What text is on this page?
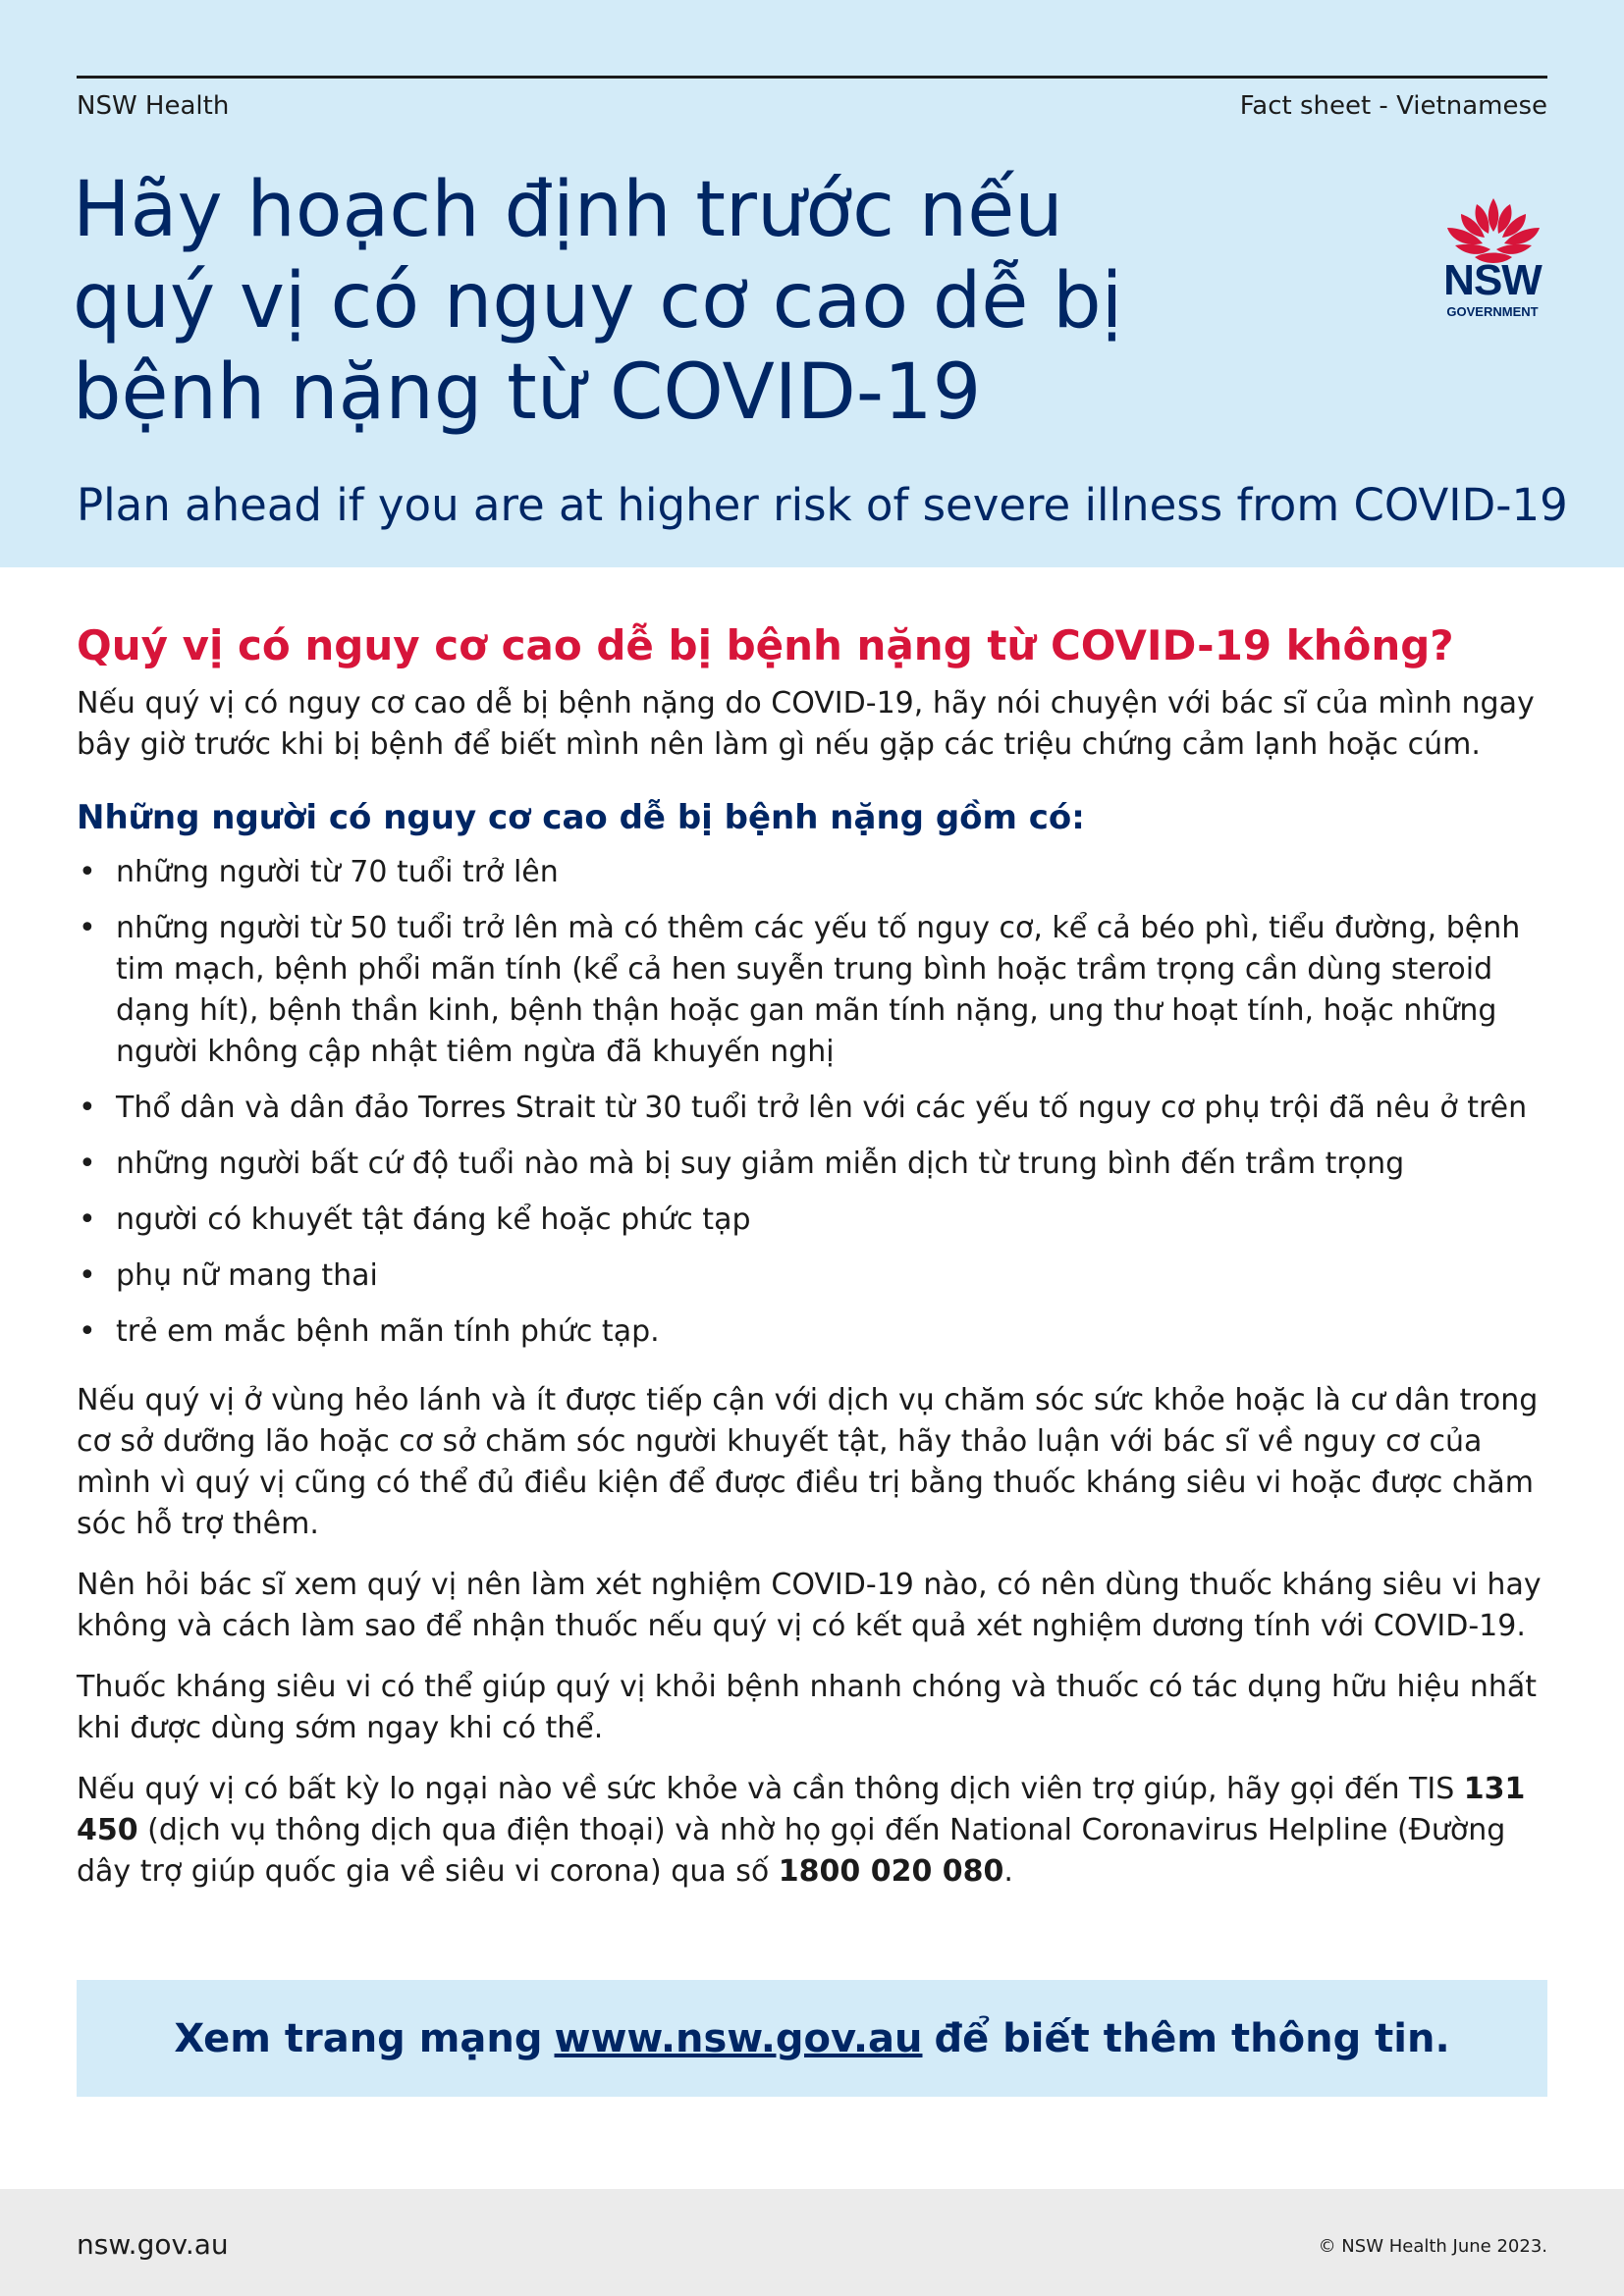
NSW Health	Fact sheet - Vietnamese
Hãy hoạch định trước nếu
quý vị có nguy cơ cao dễ bị
bệnh nặng từ COVID-19
Plan ahead if you are at higher risk of severe illness from COVID-19
NSW
GOVERNMENT
Quý vị có nguy cơ cao dễ bị bệnh nặng từ COVID-19 không?

Nếu quý vị có nguy cơ cao dễ bị bệnh nặng do COVID-19, hãy nói chuyện với bác sĩ của mình ngay bây giờ trước khi bị bệnh để biết mình nên làm gì nếu gặp các triệu chứng cảm lạnh hoặc cúm.

Những người có nguy cơ cao dễ bị bệnh nặng gồm có:
• những người từ 70 tuổi trở lên
• những người từ 50 tuổi trở lên mà có thêm các yếu tố nguy cơ, kể cả béo phì, tiểu đường, bệnh tim mạch, bệnh phổi mãn tính (kể cả hen suyễn trung bình hoặc trầm trọng cần dùng steroid dạng hít), bệnh thần kinh, bệnh thận hoặc gan mãn tính nặng, ung thư hoạt tính, hoặc những người không cập nhật tiêm ngừa đã khuyến nghị
• Thổ dân và dân đảo Torres Strait từ 30 tuổi trở lên với các yếu tố nguy cơ phụ trội đã nêu ở trên
• những người bất cứ độ tuổi nào mà bị suy giảm miễn dịch từ trung bình đến trầm trọng
• người có khuyết tật đáng kể hoặc phức tạp
• phụ nữ mang thai
• trẻ em mắc bệnh mãn tính phức tạp.

Nếu quý vị ở vùng hẻo lánh và ít được tiếp cận với dịch vụ chăm sóc sức khỏe hoặc là cư dân trong cơ sở dưỡng lão hoặc cơ sở chăm sóc người khuyết tật, hãy thảo luận với bác sĩ về nguy cơ của mình vì quý vị cũng có thể đủ điều kiện để được điều trị bằng thuốc kháng siêu vi hoặc được chăm sóc hỗ trợ thêm.

Nên hỏi bác sĩ xem quý vị nên làm xét nghiệm COVID-19 nào, có nên dùng thuốc kháng siêu vi hay không và cách làm sao để nhận thuốc nếu quý vị có kết quả xét nghiệm dương tính với COVID-19.

Thuốc kháng siêu vi có thể giúp quý vị khỏi bệnh nhanh chóng và thuốc có tác dụng hữu hiệu nhất khi được dùng sớm ngay khi có thể.

Nếu quý vị có bất kỳ lo ngại nào về sức khỏe và cần thông dịch viên trợ giúp, hãy gọi đến TIS 131 450 (dịch vụ thông dịch qua điện thoại) và nhờ họ gọi đến National Coronavirus Helpline (Đường dây trợ giúp quốc gia về siêu vi corona) qua số 1800 020 080.

Xem trang mạng www.nsw.gov.au để biết thêm thông tin.
nsw.gov.au	© NSW Health June 2023.
